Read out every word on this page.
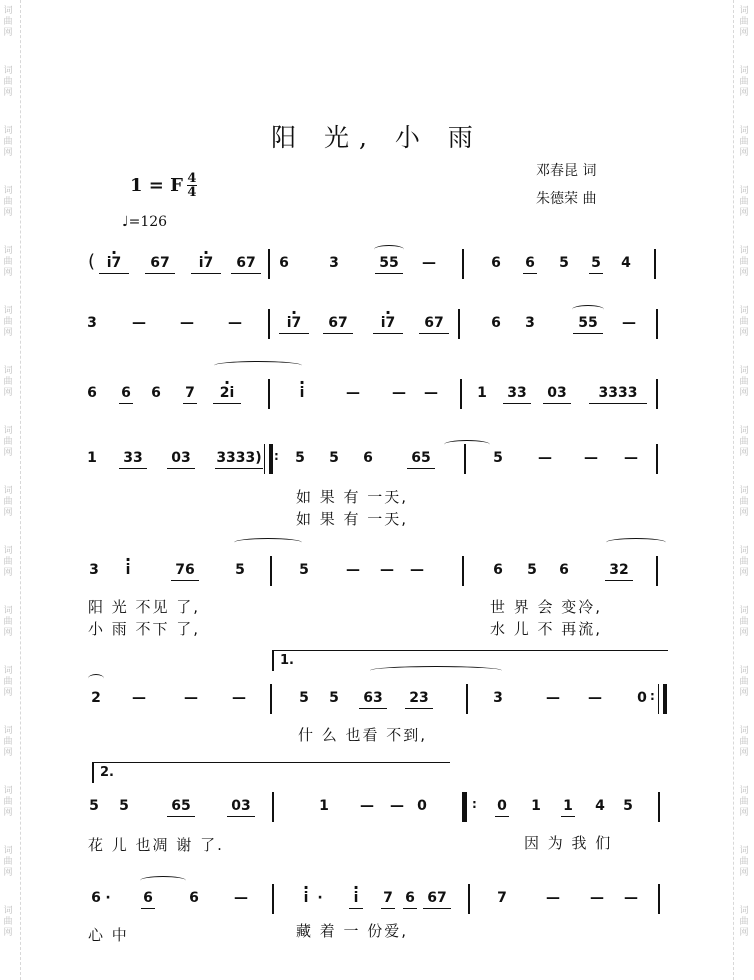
词
曲
网
词
曲
网
词
曲
网
词
曲
网
词
曲
网
词
曲
网
词
曲
网
词
曲
网
词
曲
网
词
曲
网
词
曲
网
词
曲
网
词
曲
网
词
曲
网
词
曲
网
词
曲
网
词
曲
网
词
曲
网
词
曲
网
词
曲
网
词
曲
网
词
曲
网
词
曲
网
词
曲
网
词
曲
网
词
曲
网
词
曲
网
词
曲
网
词
曲
网
词
曲
网
词
曲
网
词
曲
网
阳 光, 小 雨
邓春昆 词
朱德荣 曲
1 = F $\frac{4}{4}$
♩=126
( · i7	67	· i7	67	6	3	55 —	6 6 5 5 4
3	— — —	· i7	67	· i7	67	6 3	55	—
6 6 6 7	· 2i	· i	— — —	1 33 03	3333
1 33 03 3333) : 5 5 6	65	5	— — —
如 果 有 一天,
如 果 有 一天,
3 · i	76	5	5	— — —	6 5 6	32
阳 光 不见 了,	世 界 会 变冷,
小 雨 不下 了,	水 儿 不 再流,
1.
2 —	— —	5 5 63 23	3	— —	0 :
什 么 也看 不到,
2.
5 5	65	03	1 — — 0	: 0 1 1 4 5
花 儿 也凋 谢 了.	因 为 我 们
6 · 6	6	—	· i · · i 7 6 67	7	— — —
心 中	藏 着 一 份爱,
